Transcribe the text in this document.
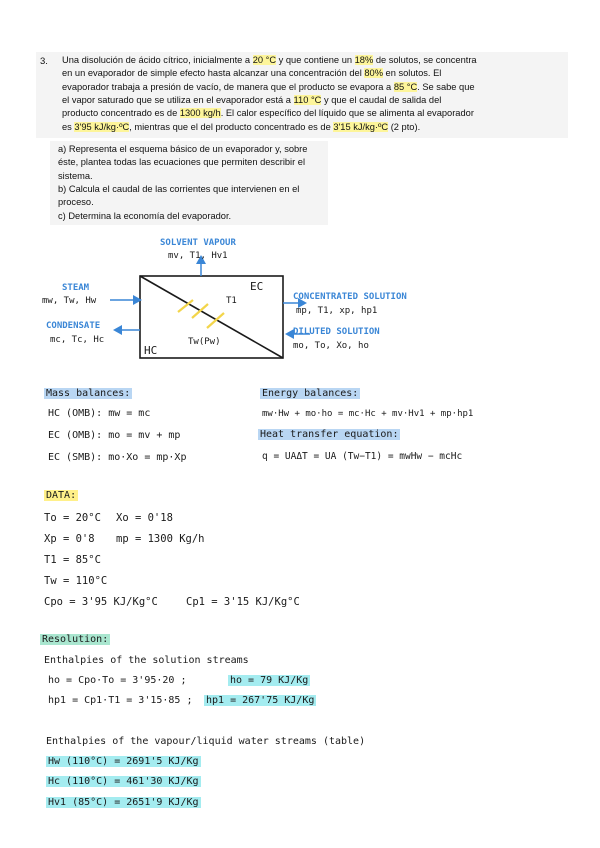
3. Una disolución de ácido cítrico, inicialmente a 20 °C y que contiene un 18% de solutos, se concentra
en un evaporador de simple efecto hasta alcanzar una concentración del 80% en solutos. El
evaporador trabaja a presión de vacío, de manera que el producto se evapora a 85 °C. Se sabe que
el vapor saturado que se utiliza en el evaporador está a 110 °C y que el caudal de salida del
producto concentrado es de 1300 kg/h. El calor específico del líquido que se alimenta al evaporador
es 3'95 kJ/kg·ºC, mientras que el del producto concentrado es de 3'15 kJ/kg·ºC (2 pto).
a) Representa el esquema básico de un evaporador y, sobre
éste, plantea todas las ecuaciones que permiten describir el
sistema.
b) Calcula el caudal de las corrientes que intervienen en el
proceso.
c) Determina la economía del evaporador.
SOLVENT VAPOUR
mv, T1, Hv1
STEAM
mw, Tw, Hw
CONDENSATE
mc, Tc, Hc
CONCENTRATED SOLUTION
mp, T1, xp, hp1
DILUTED SOLUTION
mo, To, Xo, ho
EC
HC
T1
Tw(Pw)
Mass balances:
HC (OMB): mw = mc
EC (OMB): mo = mv + mp
EC (SMB): mo·Xo = mp·Xp
Energy balances:
mw·Hw + mo·ho = mc·Hc + mv·Hv1 + mp·hp1
Heat transfer equation:
q = UAΔT = UA (Tw−T1) = mwHw − mcHc
DATA:
To = 20°C Xo = 0'18
Xp = 0'8 mp = 1300 Kg/h
T1 = 85°C
Tw = 110°C
Cpo = 3'95 KJ/Kg°C	Cp1 = 3'15 KJ/Kg°C
Resolution:
Enthalpies of the solution streams
ho = Cpo·To = 3'95·20 ;	ho = 79 KJ/Kg
hp1 = Cp1·T1 = 3'15·85 ; hp1 = 267'75 KJ/Kg
Enthalpies of the vapour/liquid water streams (table)
Hw (110°C) = 2691'5 KJ/Kg
Hc (110°C) = 461'30 KJ/Kg
Hv1 (85°C) = 2651'9 KJ/Kg
